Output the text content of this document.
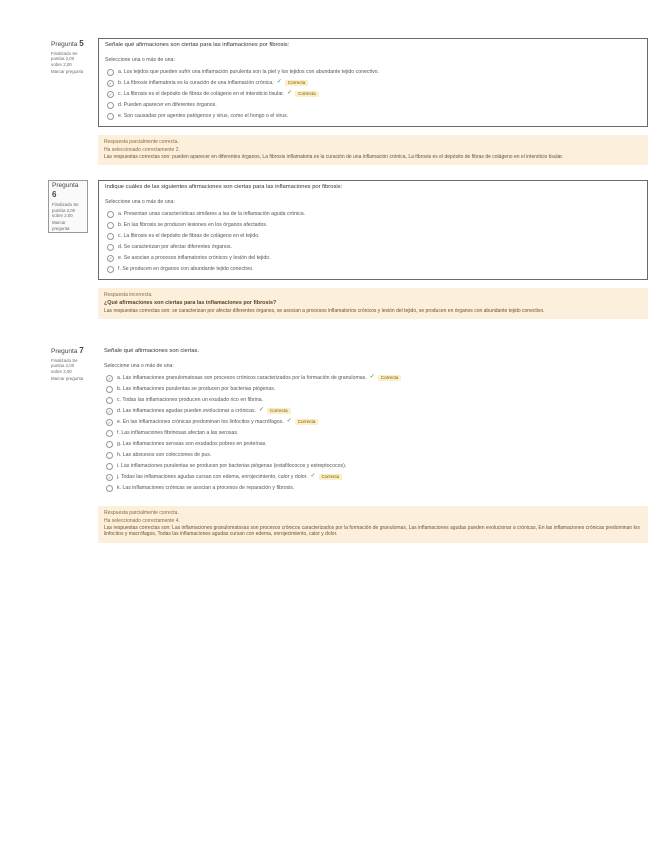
Pregunta 5
Finalizado Se puntúa 2,00 sobre 2,00
Marcar pregunta
Señale qué afirmaciones son ciertas para las inflamaciones por fibrosis:
Seleccione una o más de una:
a. Los tejidos que pueden sufrir una inflamación purulenta son la piel y los tejidos con abundante tejido conectivo.
✓	b. La fibrosis inflamatoria es la curación de una inflamación crónica. ✓	Correcta
✓	c. La fibrosis es el depósito de fibras de colágeno en el intersticio tisular. ✓	Correcta
d. Pueden aparecer en diferentes órganos.
e. Son causadas por agentes patógenos y virus, como el hongo o el virus.
Respuesta parcialmente correcta.
Ha seleccionado correctamente 2.
Las respuestas correctas son: pueden aparecer en diferentes órganos, La fibrosis inflamatoria es la curación de una inflamación crónica, La fibrosis es el depósito de fibras de colágeno en el intersticio tisular.
Pregunta 6
Finalizado Se puntúa 2,00 sobre 2,00
Marcar pregunta
Indique cuáles de las siguientes afirmaciones son ciertas para las inflamaciones por fibrosis:
Seleccione una o más de una:
a. Presentan unas características similares a las de la inflamación aguda crónica.
b. En las fibrosis se producen lesiones en los órganos afectados.
c. La fibrosis es el depósito de fibras de colágeno en el tejido.
d. Se caracterizan por afectar diferentes órganos.
✓	e. Se asocian a procesos inflamatorios crónicos y lesión del tejido.
f. Se producen en órganos con abundante tejido conectivo.
Respuesta incorrecta.
¿Qué afirmaciones son ciertas para las inflamaciones por fibrosis?
Las respuestas correctas son: se caracterizan por afectar diferentes órganos, se asocian a procesos inflamatorios crónicos y lesión del tejido, se producen en órganos con abundante tejido conectivo.
Pregunta 7
Finalizado Se puntúa 2,00 sobre 2,00
Marcar pregunta
Señale qué afirmaciones son ciertas.
Seleccione una o más de una:
✓	a. Las inflamaciones granulomatosas son procesos crónicos caracterizados por la formación de granulomas. ✓	Correcta
b. Las inflamaciones purulentas se producen por bacterias piógenas.
c. Todas las inflamaciones producen un exudado rico en fibrina.
✓	d. Las inflamaciones agudas pueden evolucionar a crónicas. ✓	Correcta
✓	e. En las inflamaciones crónicas predominan los linfocitos y macrófagos. ✓	Correcta
f. Las inflamaciones fibrinosas afectan a las serosas.
g. Las inflamaciones serosas son exudados pobres en proteínas.
h. Las abscesos son colecciones de pus.
i. Las inflamaciones purulentas se producen por bacterias piógenas (estafilococos y estreptococos).
✓	j. Todas las inflamaciones agudas cursan con edema, enrojecimiento, calor y dolor. ✓	Correcta
k. Las inflamaciones crónicas se asocian a procesos de reparación y fibrosis.
Respuesta parcialmente correcta.
Ha seleccionado correctamente 4.
Las respuestas correctas son: Las inflamaciones granulomatosas son procesos crónicos caracterizados por la formación de granulomas, Las inflamaciones agudas pueden evolucionar a crónicas, En las inflamaciones crónicas predominan los linfocitos y macrófagos, Todas las inflamaciones agudas cursan con edema, enrojecimiento, calor y dolor.
